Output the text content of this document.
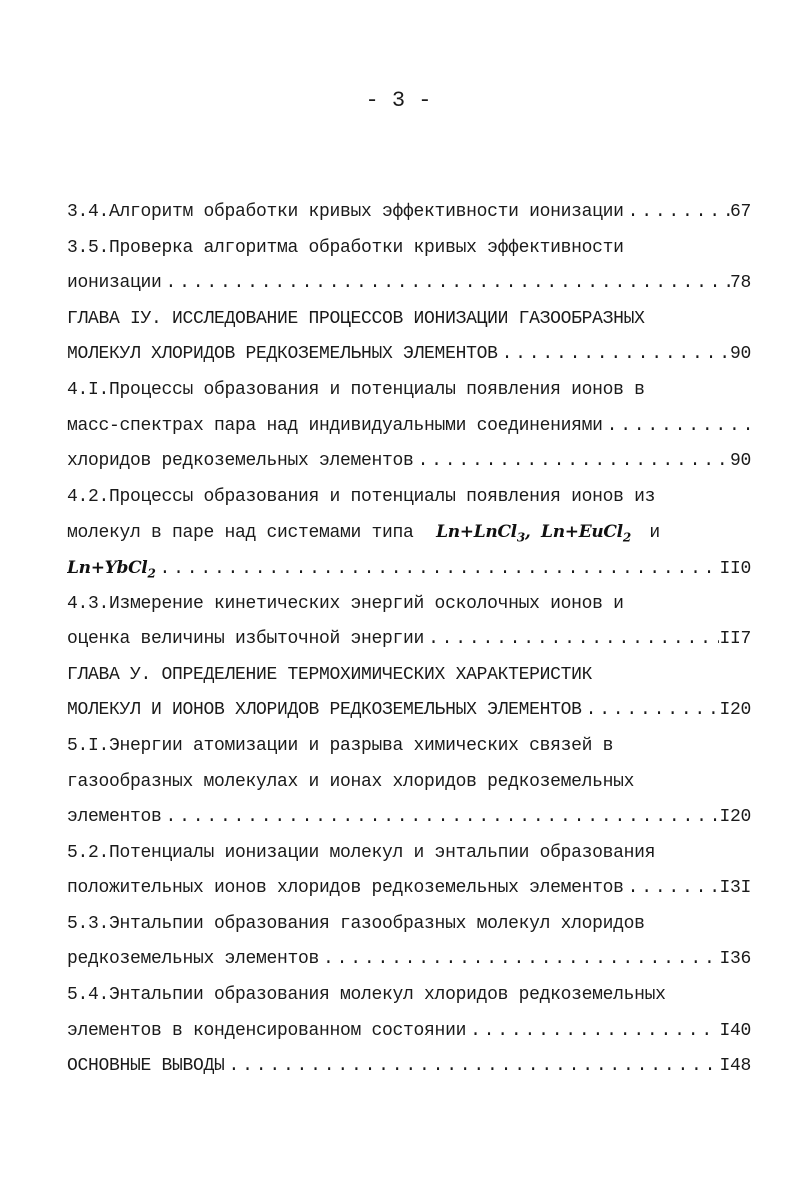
- 3 -
3.4.Алгоритм обработки кривых эффективности ионизации . . .	67
3.5.Проверка алгоритма обработки кривых эффективности
ионизации . . .	78
ГЛАВА IУ. ИССЛЕДОВАНИЕ ПРОЦЕССОВ ИОНИЗАЦИИ ГАЗООБРАЗНЫХ
МОЛЕКУЛ ХЛОРИДОВ РЕДКОЗЕМЕЛЬНЫХ ЭЛЕМЕНТОВ . . .	90
4.I.Процессы образования и потенциалы появления ионов в
масс-спектрах пара над индивидуальными соединениями
. . .
хлоридов редкоземельных элементов . . .	90
4.2.Процессы образования и потенциалы появления ионов из
молекул в паре над системами типа Ln+LnCl$_3$, Ln+EuCl$_2$ и
Ln+YbCl$_2$ . . .	II0
4.3.Измерение кинетических энергий осколочных ионов и
оценка величины избыточной энергии . . .	II7
ГЛАВА У. ОПРЕДЕЛЕНИЕ ТЕРМОХИМИЧЕСКИХ ХАРАКТЕРИСТИК
МОЛЕКУЛ И ИОНОВ ХЛОРИДОВ РЕДКОЗЕМЕЛЬНЫХ ЭЛЕМЕНТОВ . . .	I20
5.I.Энергии атомизации и разрыва химических связей в
газообразных молекулах и ионах хлоридов редкоземельных
элементов . . .	I20
5.2.Потенциалы ионизации молекул и энтальпии образования
положительных ионов хлоридов редкоземельных элементов . . .	I3I
5.3.Энтальпии образования газообразных молекул хлоридов
редкоземельных элементов . . .	I36
5.4.Энтальпии образования молекул хлоридов редкоземельных
элементов в конденсированном состоянии . . .	I40
ОСНОВНЫЕ ВЫВОДЫ . . .	I48
